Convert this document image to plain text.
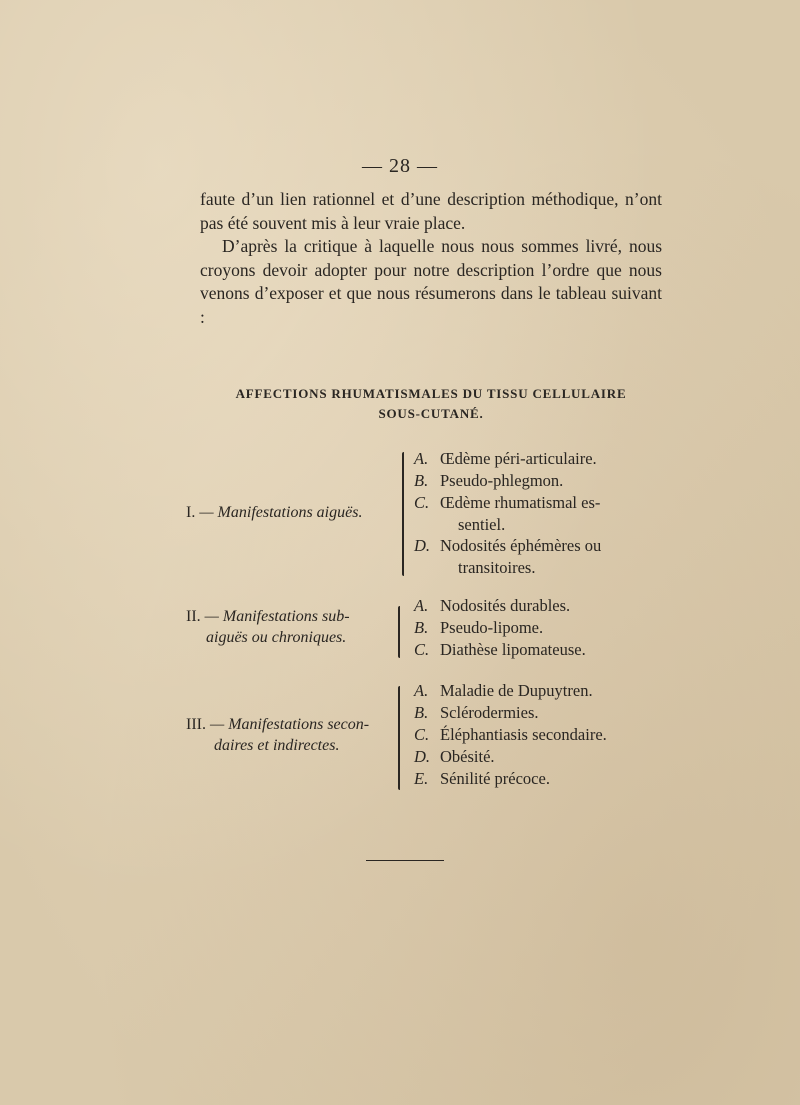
— 28 —

faute d’un lien rationnel et d’une description méthodique, n’ont pas été souvent mis à leur vraie place.

D’après la critique à laquelle nous nous sommes livré, nous croyons devoir adopter pour notre description l’ordre que nous venons d’exposer et que nous résumerons dans le tableau suivant :

AFFECTIONS RHUMATISMALES DU TISSU CELLULAIRE
SOUS-CUTANÉ.
I. — Manifestations aiguës.
A. Œdème péri-articulaire.
B. Pseudo-phlegmon.
C. Œdème rhumatismal es-
sentiel.
D. Nodosités éphémères ou
transitoires.
II. — Manifestations sub-
aiguës ou chroniques.
A. Nodosités durables.
B. Pseudo-lipome.
C. Diathèse lipomateuse.
III. — Manifestations secon-
daires et indirectes.
A. Maladie de Dupuytren.
B. Sclérodermies.
C. Éléphantiasis secondaire.
D. Obésité.
E. Sénilité précoce.
